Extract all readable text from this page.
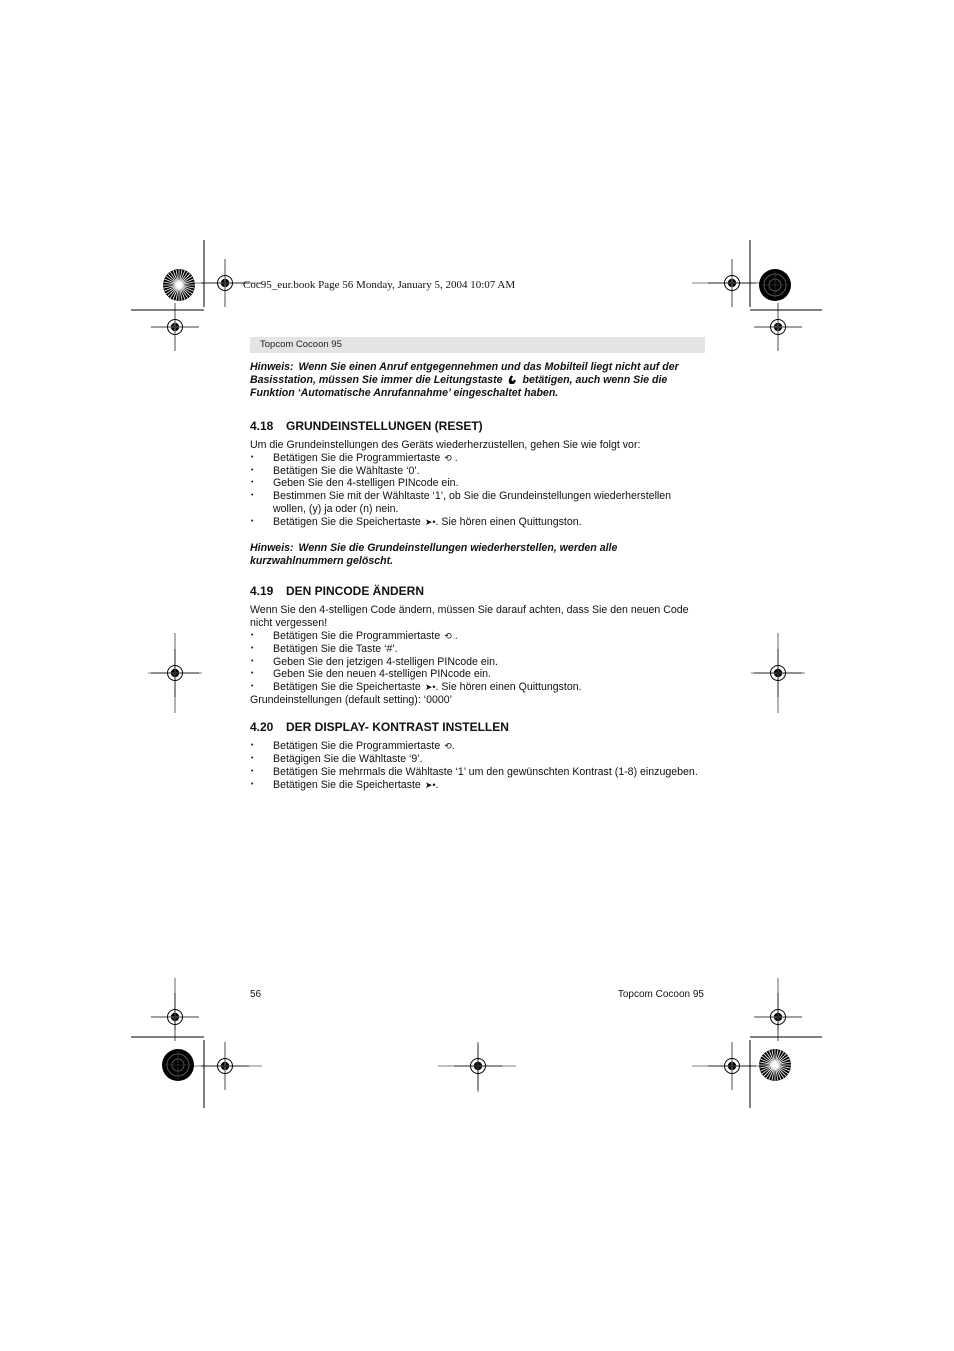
Coc95_eur.book Page 56 Monday, January 5, 2004 10:07 AM
Topcom Cocoon 95

Hinweis: Wenn Sie einen Anruf entgegennehmen und das Mobilteil liegt nicht auf der Basisstation, müssen Sie immer die Leitungstaste betätigen, auch wenn Sie die Funktion ‘Automatische Anrufannahme’ eingeschaltet haben.

4.18 GRUNDEINSTELLUNGEN (RESET)

Um die Grundeinstellungen des Geräts wiederherzustellen, gehen Sie wie folgt vor:

• Betätigen Sie die Programmiertaste ⟲ .
• Betätigen Sie die Wähltaste ‘0’.
• Geben Sie den 4-stelligen PINcode ein.
• Bestimmen Sie mit der Wähltaste ‘1’, ob Sie die Grundeinstellungen wiederherstellen wollen, (y) ja oder (n) nein.
• Betätigen Sie die Speichertaste ➤•. Sie hören einen Quittungston.

Hinweis: Wenn Sie die Grundeinstellungen wiederherstellen, werden alle kurzwahlnummern gelöscht.

4.19 DEN PINCODE ÄNDERN

Wenn Sie den 4-stelligen Code ändern, müssen Sie darauf achten, dass Sie den neuen Code nicht vergessen!

• Betätigen Sie die Programmiertaste ⟲ .
• Betätigen Sie die Taste ‘#’.
• Geben Sie den jetzigen 4-stelligen PINcode ein.
• Geben Sie den neuen 4-stelligen PINcode ein.
• Betätigen Sie die Speichertaste ➤•. Sie hören einen Quittungston.

Grundeinstellungen (default setting): ‘0000’

4.20 DER DISPLAY- KONTRAST INSTELLEN
• Betätigen Sie die Programmiertaste ⟲.
• Betägigen Sie die Wähltaste ‘9’.
• Betätigen Sie mehrmals die Wähltaste ‘1’ um den gewünschten Kontrast (1-8) einzugeben.
• Betätigen Sie die Speichertaste ➤•.
56	Topcom Cocoon 95
